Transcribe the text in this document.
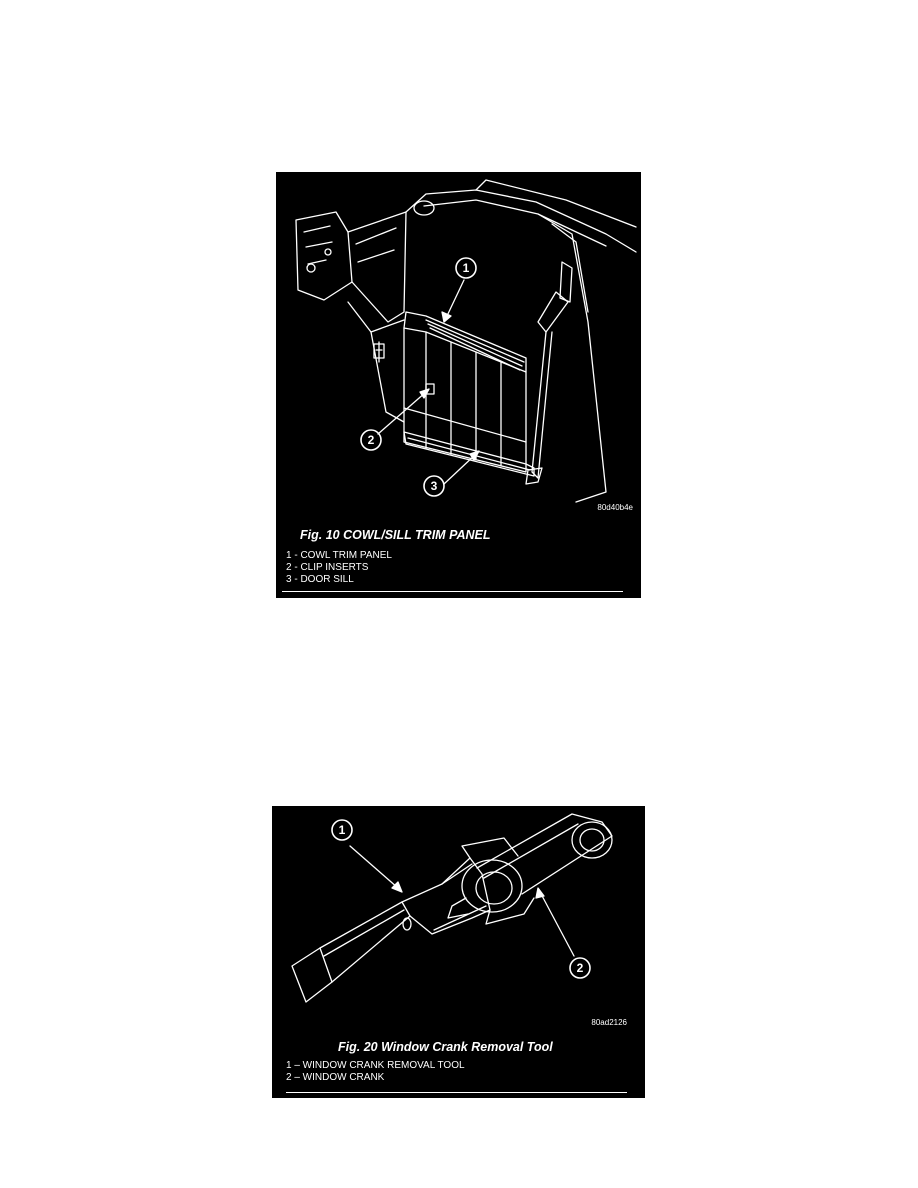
1
2
3
80d40b4e
Fig. 10 COWL/SILL TRIM PANEL
1 - COWL TRIM PANEL
2 - CLIP INSERTS
3 - DOOR SILL
1
2
80ad2126
Fig. 20 Window Crank Removal Tool
1 – WINDOW CRANK REMOVAL TOOL
2 – WINDOW CRANK
